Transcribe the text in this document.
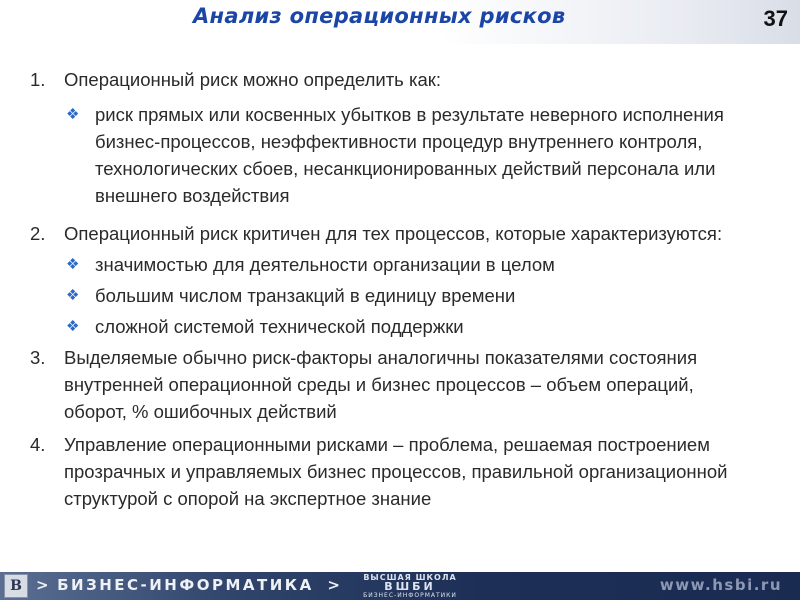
Анализ операционных рисков	37
1.	Операционный риск можно определить как:
❖ риск прямых или косвенных убытков в результате неверного исполнения бизнес-процессов, неэффективности процедур внутреннего контроля, технологических сбоев, несанкционированных действий персонала или внешнего воздействия
2.	Операционный риск критичен для тех процессов, которые характеризуются:
❖ значимостью для деятельности организации в целом
❖ большим числом транзакций в единицу времени
❖ сложной системой технической поддержки
3.	Выделяемые обычно риск-факторы аналогичны показателями состояния внутренней операционной среды и бизнес процессов – объем операций, оборот, % ошибочных действий
4.	Управление операционными рисками – проблема, решаемая построением прозрачных и управляемых бизнес процессов, правильной организационной структурой с опорой на экспертное знание
В > БИЗНЕС-ИНФОРМАТИКА >	ВЫСШАЯ ШКОЛА
ВШБИ
БИЗНЕС-ИНФОРМАТИКИ
www.hsbi.ru
